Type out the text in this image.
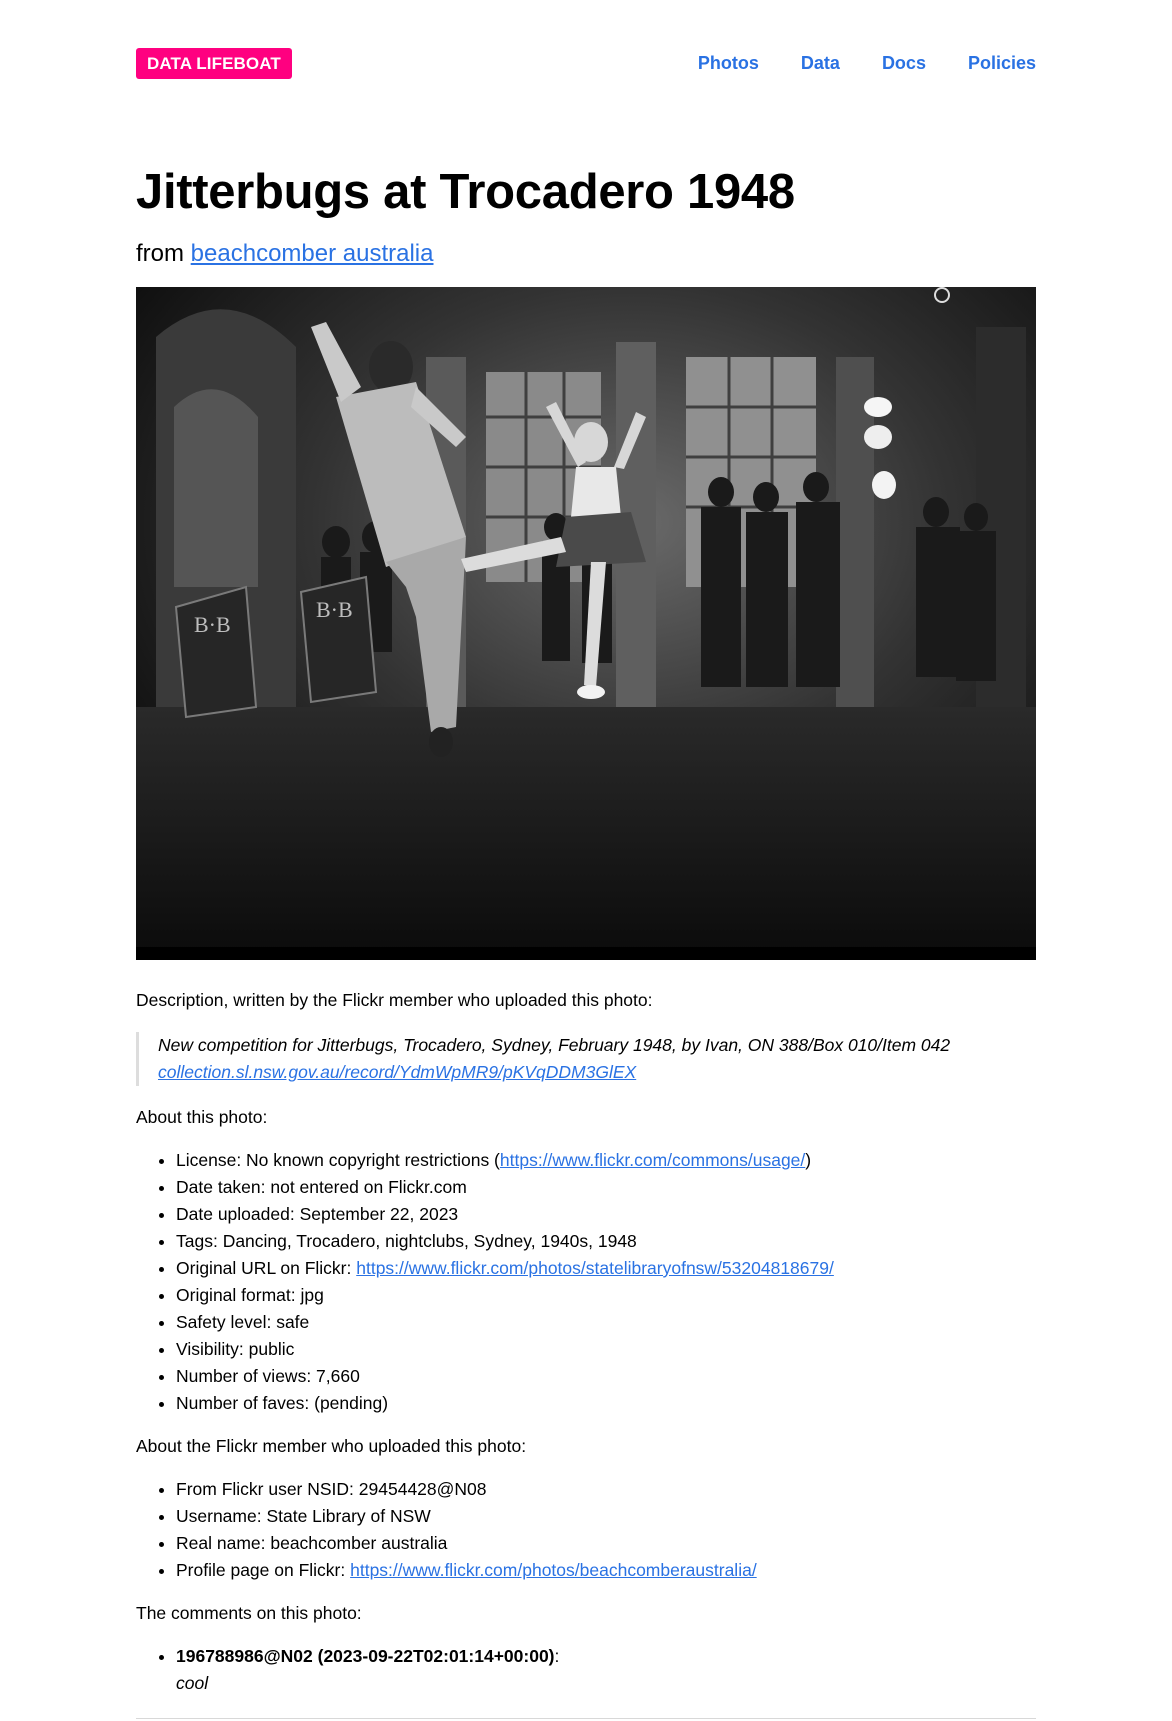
DATA LIFEBOAT	Photos Data Docs Policies
Jitterbugs at Trocadero 1948
from beachcomber australia
B·B
B·B

Description, written by the Flickr member who uploaded this photo:

New competition for Jitterbugs, Trocadero, Sydney, February 1948, by Ivan, ON 388/Box 010/Item 042
collection.sl.nsw.gov.au/record/YdmWpMR9/pKVqDDM3GlEX

About this photo:

• License: No known copyright restrictions (https://www.flickr.com/commons/usage/)
• Date taken: not entered on Flickr.com
• Date uploaded: September 22, 2023
• Tags: Dancing, Trocadero, nightclubs, Sydney, 1940s, 1948
• Original URL on Flickr: https://www.flickr.com/photos/statelibraryofnsw/53204818679/
• Original format: jpg
• Safety level: safe
• Visibility: public
• Number of views: 7,660
• Number of faves: (pending)

About the Flickr member who uploaded this photo:

• From Flickr user NSID: 29454428@N08
• Username: State Library of NSW
• Real name: beachcomber australia
• Profile page on Flickr: https://www.flickr.com/photos/beachcomberaustralia/

The comments on this photo:

• 196788986@N02 (2023-09-22T02:01:14+00:00):
cool
